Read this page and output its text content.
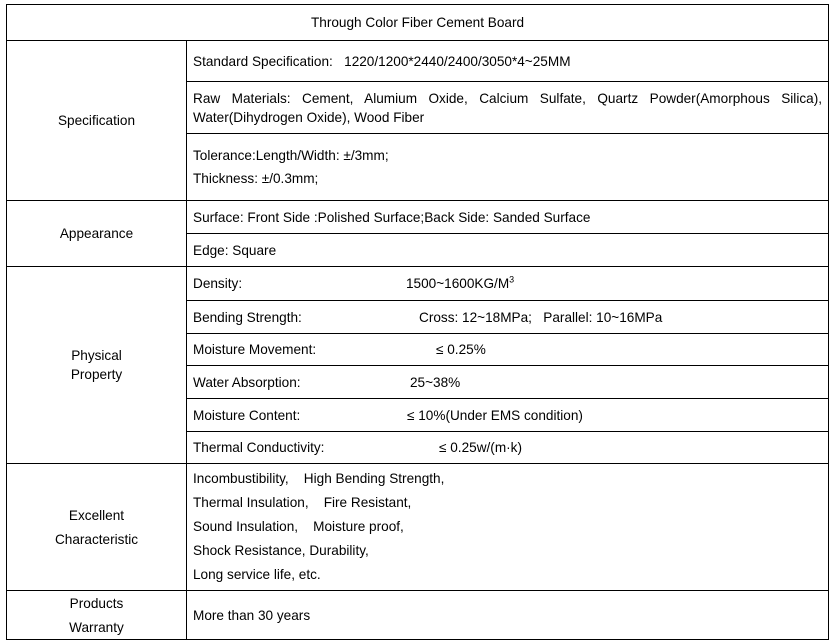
Through Color Fiber Cement Board	
Specification	Standard Specification:   1220/1200*2440/2400/3050*4~25MM
	Raw Materials: Cement, Alumium Oxide, Calcium Sulfate, Quartz Powder(Amorphous Silica), Water(Dihydrogen Oxide), Wood Fiber

	Tolerance:Length/Width: ±/3mm;
Thickness: ±/0.3mm;

Appearance	Surface: Front Side :Polished Surface;Back Side: Sanded Surface
	Edge: Square

Physical
Property	Density: $1500\sim 1600KG/M^3$

	Bending Strength: Cross: 12~18MPa;   Parallel: 10~16MPa

	Moisture Movement: ≤ 0.25%

	Water Absorption: 25~38%

	Moisture Content: ≤ 10%(Under EMS condition)

	Thermal Conductivity: ≤ 0.25w/(m·k)

Excellent
Characteristic	Incombustibility,    High Bending Strength,
Thermal Insulation,    Fire Resistant,
Sound Insulation,    Moisture proof,
Shock Resistance, Durability,
Long service life, etc.

Products
Warranty	More than 30 years
